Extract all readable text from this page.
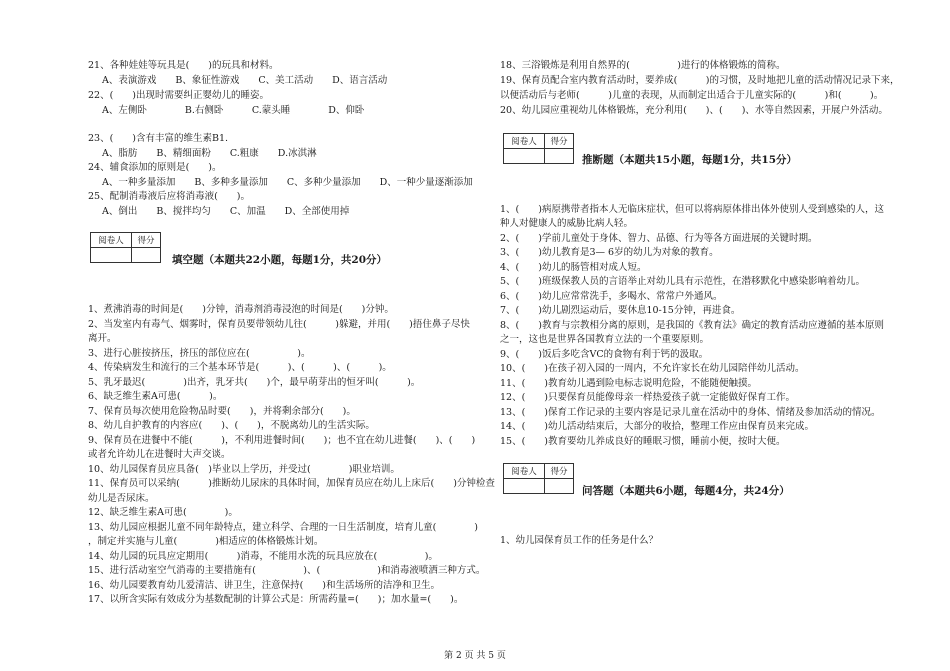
21、各种娃娃等玩具是(　　)的玩具和材料。
A、表演游戏　　B、象征性游戏　　C、美工活动　　D、语言活动
22、(　　)出现时需要纠正婴幼儿的睡姿。
A、左侧卧　　　　B.右侧卧　　　C.蒙头睡　　　　D、仰卧
23、(　　)含有丰富的维生素B1.
A、脂肪　　B、精细面粉　　C.粗康　　D.冰淇淋
24、辅食添加的原则是(　　)。
A、一种多量添加　　B、多种多量添加　　C、多种少量添加　　D、一种少量逐渐添加
25、配制消毒液后应将消毒液(　　)。
A、倒出　　B、搅拌均匀　　C、加温　　D、全部使用掉
阅卷人	得分

填空题（本题共22小题，每题1分，共20分）
1、煮沸消毒的时间是(　　)分钟，消毒剂消毒浸泡的时间是(　　)分钟。
2、当发室内有毒气、烟雾时，保育员要带领幼儿往(　　　)躲避，并用(　　)捂住鼻子尽快
离开。
3、进行心脏按挤压，挤压的部位应在(　　　　　)。
4、传染病发生和流行的三个基本环节是(　　　)、(　　　)、(　　　)。
5、乳牙最迟(　　　　)出齐，乳牙共(　　)个，最早萌芽出的恒牙叫(　　　)。
6、缺乏维生素A可患(　　　)。
7、保育员每次使用危险物品时要(　　)，并将剩余部分(　　)。
8、幼儿自护教育的内容应(　　)、(　　)，不脱离幼儿的生活实际。
9、保育员在进餐中不能(　　　)，不利用进餐时间(　　)；也不宜在幼儿进餐(　　)、(　　)
或者允许幼儿在进餐时大声交谈。
10、幼儿园保育员应具备(　)毕业以上学历，并受过(　　　　)职业培训。
11、保育员可以采纳(　　　)推断幼儿尿床的具体时间，加保育员应在幼儿上床后(　　)分钟检查
幼儿是否尿床。
12、缺乏维生素A可患(　　　　)。
13、幼儿园应根据儿童不同年龄特点，建立科学、合理的一日生活制度，培育儿童(　　　　)
，制定并实施与儿童(　　　　)相适应的体格锻炼计划。
14、幼儿园的玩具应定期用(　　　)消毒，不能用水洗的玩具应放在(　　　　　)。
15、进行活动室空气消毒的主要措施有(　　　　　)、(　　　　　　)和消毒液喷洒三种方式。
16、幼儿园要教育幼儿爱清洁、讲卫生，注意保持(　　)和生活场所的洁净和卫生。
17、以所含实际有效成分为基数配制的计算公式是：所需药量=(　　)；加水量=(　　)。
18、三浴锻炼是利用自然界的(　　　　　)进行的体格锻炼的简称。
19、保育员配合室内教育活动时，要养成(　　　)的习惯，及时地把儿童的活动情况记录下来，
以便活动后与老师(　　　)儿童的表现，从而制定出适合于儿童实际的(　　　)和(　　　)。
20、幼儿园应重视幼儿体格锻炼，充分利用(　　)、(　　)、水等自然因素，开展户外活动。
阅卷人	得分

推断题（本题共15小题，每题1分，共15分）
1、(　　)病原携带者指本人无临床症状，但可以将病原体排出体外使别人受到感染的人，这
种人对健康人的威胁比病人轻。
2、(　　)学前儿童处于身体、智力、品德、行为等各方面进展的关键时期。
3、(　　)幼儿教育是3— 6岁的幼儿为对象的教育。
4、(　　)幼儿的肠管相对成人短。
5、(　　)班级保教人员的言语举止对幼儿具有示范性，在潜移默化中感染影响着幼儿。
6、(　　)幼儿应常常洗手，多喝水、常常户外通风。
7、(　　)幼儿剧烈运动后，要休息10-15分钟，再进食。
8、(　　)教育与宗教相分离的原则，是我国的《教育法》确定的教育活动应遵循的基本原则
之一，这也是世界各国教育立法的一个重要原则。
9、(　　)饭后多吃含VC的食物有利于钙的汲取。
10、(　　)在孩子初入园的一周内，不允许家长在幼儿园陪伴幼儿活动。
11、(　　)教育幼儿遇到险电标志说明危险，不能随便触摸。
12、(　　)只要保育员能像母亲一样热爱孩子就一定能做好保育工作。
13、(　　)保育工作记录的主要内容是记录儿童在活动中的身体、情绪及参加活动的情况。
14、(　　)幼儿活动结束后，大部分的收拾，整理工作应由保育员来完成。
15、(　　)教育要幼儿养成良好的睡眠习惯，睡前小便，按时大便。
阅卷人	得分

问答题（本题共6小题，每题4分，共24分）
1、幼儿园保育员工作的任务是什么？
第 2 页 共 5 页
